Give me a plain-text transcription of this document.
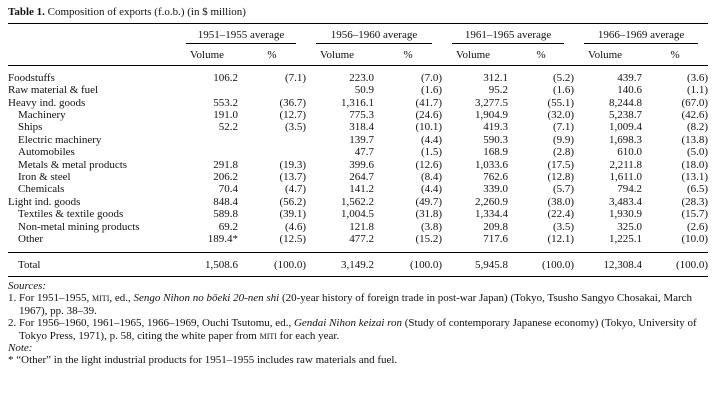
Table 1. Composition of exports (f.o.b.) (in $ million)

	1951–1955 average		1956–1960 average		1961–1965 average		1966–1969 average	

	Volume	%	Volume	%	Volume	%	Volume	%

Foodstuffs	106.2	(7.1)	223.0	(7.0)	312.1	(5.2)	439.7	(3.6)
Raw material & fuel			50.9	(1.6)	95.2	(1.6)	140.6	(1.1)
Heavy ind. goods	553.2	(36.7)	1,316.1	(41.7)	3,277.5	(55.1)	8,244.8	(67.0)
Machinery	191.0	(12.7)	775.3	(24.6)	1,904.9	(32.0)	5,238.7	(42.6)
Ships	52.2	(3.5)	318.4	(10.1)	419.3	(7.1)	1,009.4	(8.2)
Electric machinery			139.7	(4.4)	590.3	(9.9)	1,698.3	(13.8)
Automobiles			47.7	(1.5)	168.9	(2.8)	610.0	(5.0)
Metals & metal products	291.8	(19.3)	399.6	(12.6)	1,033.6	(17.5)	2,211.8	(18.0)
Iron & steel	206.2	(13.7)	264.7	(8.4)	762.6	(12.8)	1,611.0	(13.1)
Chemicals	70.4	(4.7)	141.2	(4.4)	339.0	(5.7)	794.2	(6.5)
Light ind. goods	848.4	(56.2)	1,562.2	(49.7)	2,260.9	(38.0)	3,483.4	(28.3)
Textiles & textile goods	589.8	(39.1)	1,004.5	(31.8)	1,334.4	(22.4)	1,930.9	(15.7)
Non-metal mining products	69.2	(4.6)	121.8	(3.8)	209.8	(3.5)	325.0	(2.6)
Other	189.4*	(12.5)	477.2	(15.2)	717.6	(12.1)	1,225.1	(10.0)

Total	1,508.6	(100.0)	3,149.2	(100.0)	5,945.8	(100.0)	12,308.4	(100.0)
Sources:
1. For 1951–1955, miti, ed., Sengo Nihon no bōeki 20-nen shi (20-year history of foreign trade in post-war Japan) (Tokyo, Tsusho Sangyo Chosakai, March 1967), pp. 38–39.
2. For 1956–1960, 1961–1965, 1966–1969, Ouchi Tsutomu, ed., Gendai Nihon keizai ron (Study of contemporary Japanese economy) (Tokyo, University of Tokyo Press, 1971), p. 58, citing the white paper from miti for each year.
Note:
* “Other” in the light industrial products for 1951–1955 includes raw materials and fuel.
